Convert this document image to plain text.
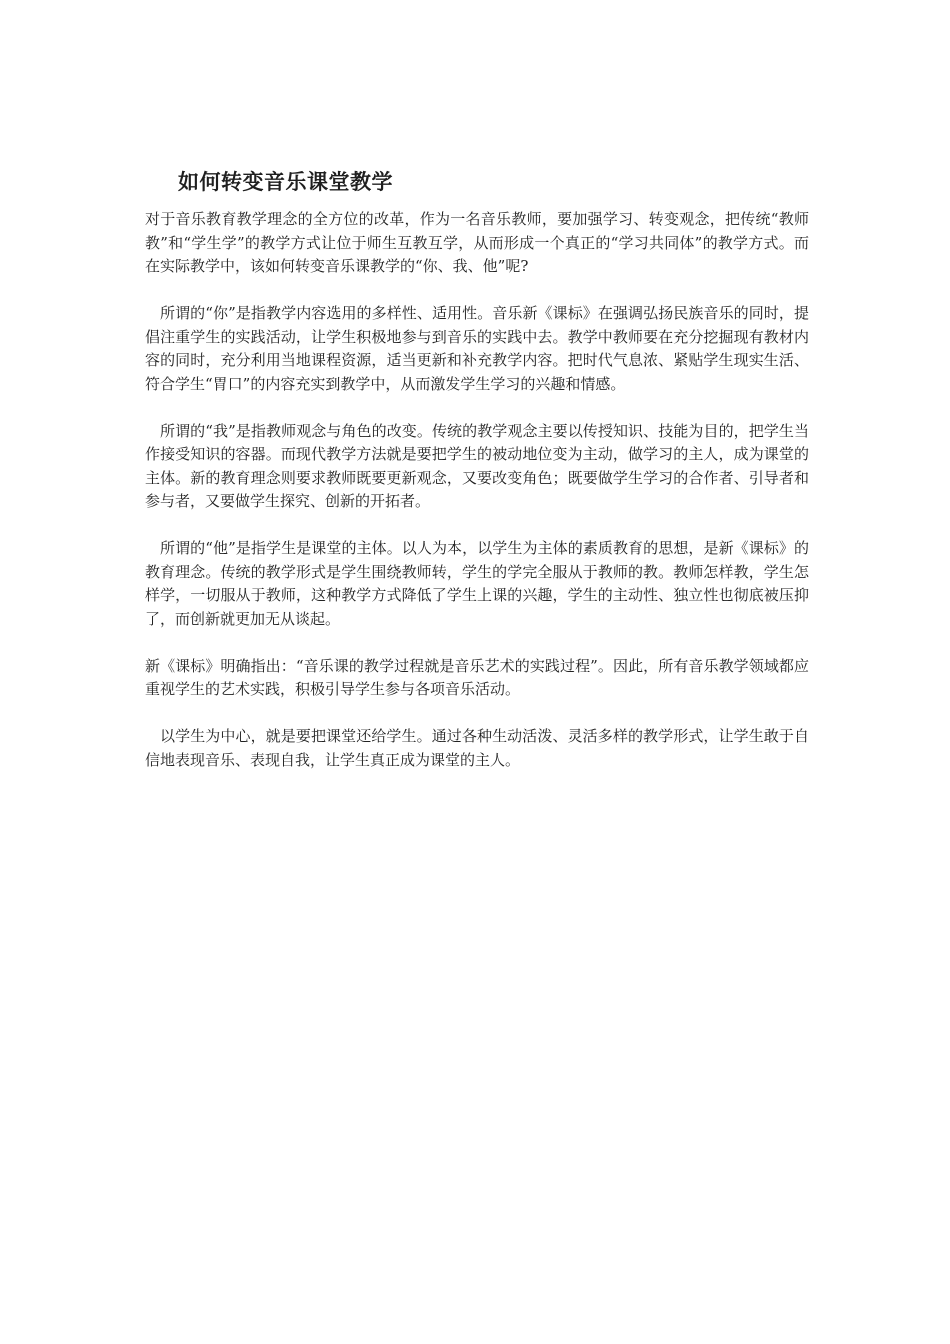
如何转变音乐课堂教学

对于音乐教育教学理念的全方位的改革，作为一名音乐教师，要加强学习、转变观念，把传统“教师教”和“学生学”的教学方式让位于师生互教互学，从而形成一个真正的“学习共同体”的教学方式。而在实际教学中，该如何转变音乐课教学的“你、我、他”呢?

所谓的“你”是指教学内容选用的多样性、适用性。音乐新《课标》在强调弘扬民族音乐的同时，提倡注重学生的实践活动，让学生积极地参与到音乐的实践中去。教学中教师要在充分挖掘现有教材内容的同时，充分利用当地课程资源，适当更新和补充教学内容。把时代气息浓、紧贴学生现实生活、符合学生“胃口”的内容充实到教学中，从而激发学生学习的兴趣和情感。

所谓的“我”是指教师观念与角色的改变。传统的教学观念主要以传授知识、技能为目的，把学生当作接受知识的容器。而现代教学方法就是要把学生的被动地位变为主动，做学习的主人，成为课堂的主体。新的教育理念则要求教师既要更新观念，又要改变角色；既要做学生学习的合作者、引导者和参与者，又要做学生探究、创新的开拓者。

所谓的“他”是指学生是课堂的主体。以人为本，以学生为主体的素质教育的思想，是新《课标》的教育理念。传统的教学形式是学生围绕教师转，学生的学完全服从于教师的教。教师怎样教，学生怎样学，一切服从于教师，这种教学方式降低了学生上课的兴趣，学生的主动性、独立性也彻底被压抑了，而创新就更加无从谈起。

新《课标》明确指出：“音乐课的教学过程就是音乐艺术的实践过程”。因此，所有音乐教学领域都应重视学生的艺术实践，积极引导学生参与各项音乐活动。

以学生为中心，就是要把课堂还给学生。通过各种生动活泼、灵活多样的教学形式，让学生敢于自信地表现音乐、表现自我，让学生真正成为课堂的主人。
